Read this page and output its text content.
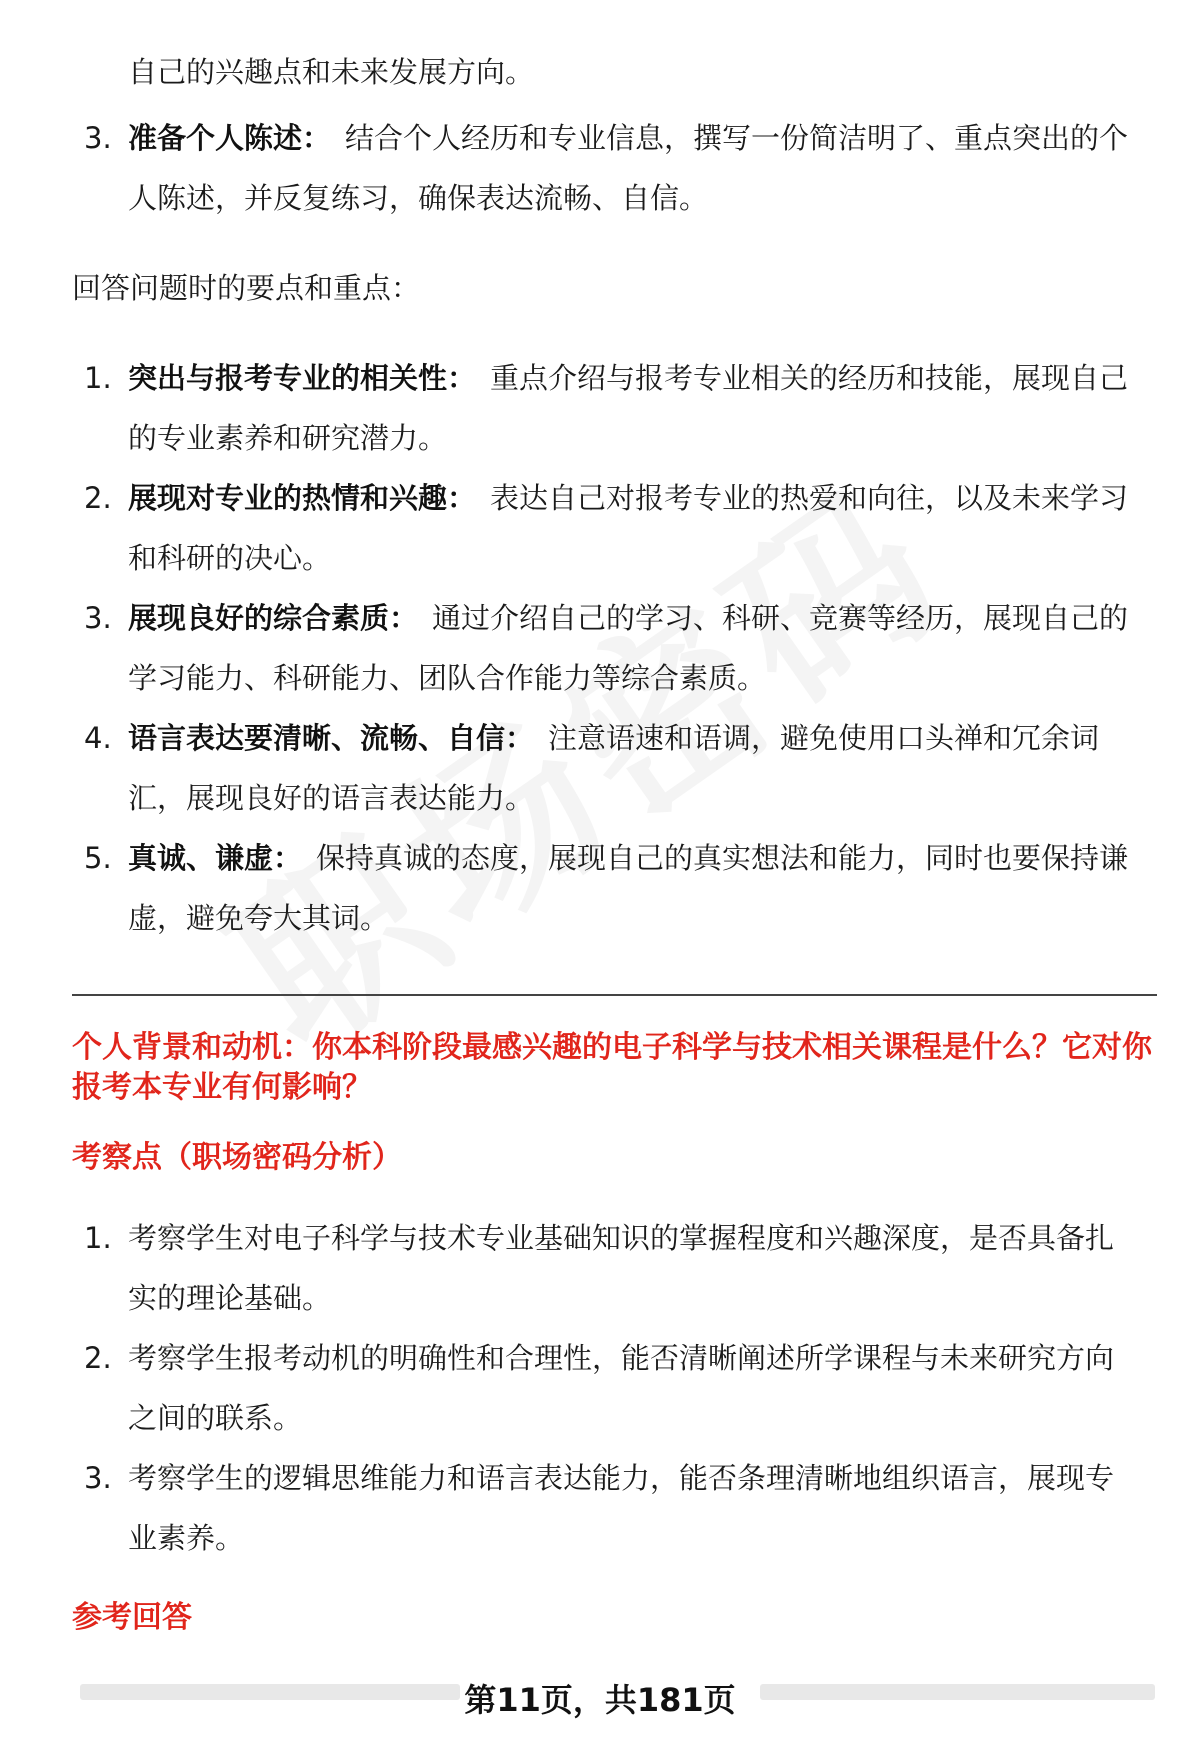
自己的兴趣点和未来发展方向。
3. 准备个人陈述： 结合个人经历和专业信息，撰写一份简洁明了、重点突出的个
人陈述，并反复练习，确保表达流畅、自信。
回答问题时的要点和重点：
1. 突出与报考专业的相关性： 重点介绍与报考专业相关的经历和技能，展现自己
的专业素养和研究潜力。
2. 展现对专业的热情和兴趣： 表达自己对报考专业的热爱和向往，以及未来学习
和科研的决心。
3. 展现良好的综合素质： 通过介绍自己的学习、科研、竞赛等经历，展现自己的
学习能力、科研能力、团队合作能力等综合素质。
4. 语言表达要清晰、流畅、自信： 注意语速和语调，避免使用口头禅和冗余词
汇，展现良好的语言表达能力。
5. 真诚、谦虚： 保持真诚的态度，展现自己的真实想法和能力，同时也要保持谦
虚，避免夸大其词。
个人背景和动机：你本科阶段最感兴趣的电子科学与技术相关课程是什么？它对你
报考本专业有何影响？
考察点（职场密码分析）
1. 考察学生对电子科学与技术专业基础知识的掌握程度和兴趣深度，是否具备扎
实的理论基础。
2. 考察学生报考动机的明确性和合理性，能否清晰阐述所学课程与未来研究方向
之间的联系。
3. 考察学生的逻辑思维能力和语言表达能力，能否条理清晰地组织语言，展现专
业素养。
参考回答
第11页，共181页
